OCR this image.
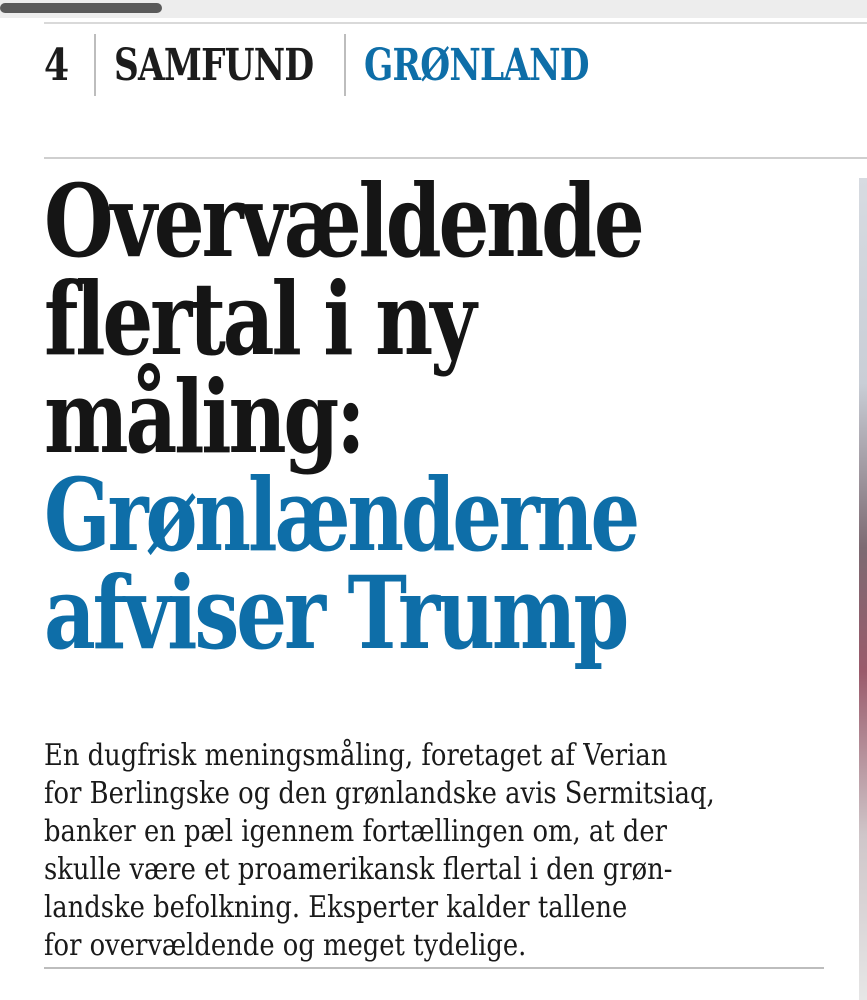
4	SAMFUND GRØNLAND
Overvældende
flertal i ny
måling:
Grønlænderne
afviser Trump
En dugfrisk meningsmåling, foretaget af Verian
for Berlingske og den grønlandske avis Sermitsiaq,
banker en pæl igennem fortællingen om, at der
skulle være et proamerikansk flertal i den grøn-
landske befolkning. Eksperter kalder tallene
for overvældende og meget tydelige.
